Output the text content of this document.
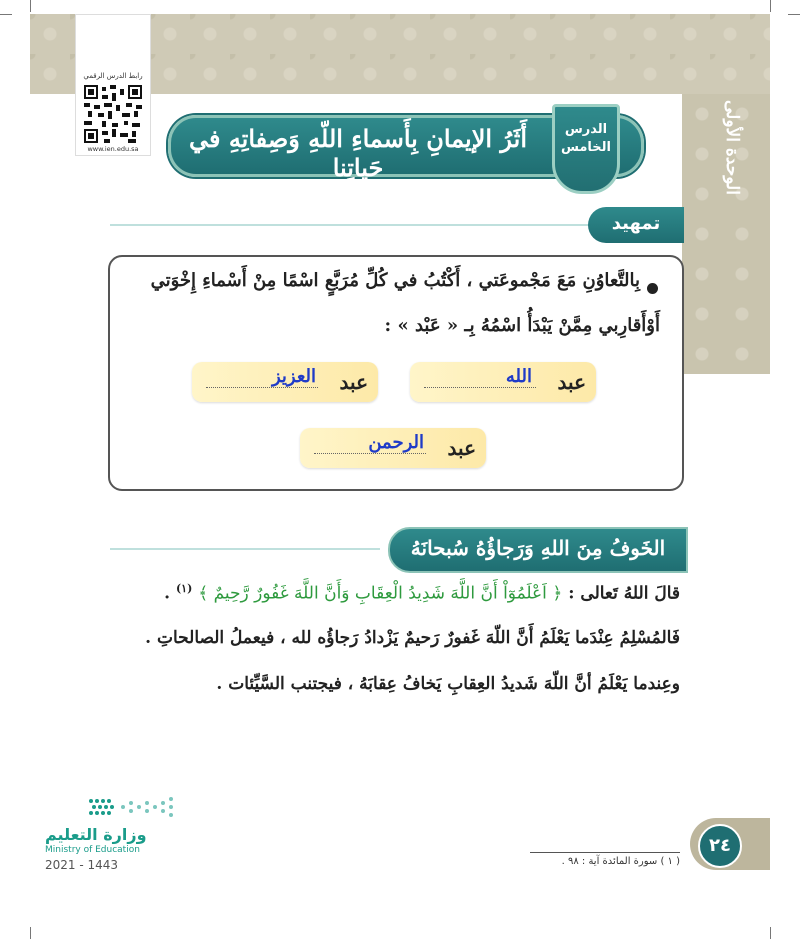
الوحدة الأولى
رابط الدرس الرقمي
www.ien.edu.sa	أَثَرُ الإيمانِ بِأَسماءِ اللّهِ وَصِفاتِهِ في حَياتِنا
الدرس
الخامس
تمهيد
بِالتَّعاوُنِ مَعَ مَجْموعَتي ، أَكْتُبُ في كُلِّ مُرَبَّعٍ اسْمًا مِنْ أَسْماءِ إِخْوَتي
أَوْأَقارِبي مِمَّنْ يَبْدَأُ اسْمُهُ بِـ « عَبْد » :
عبد
الله
عبد
العزيز
عبد
الرحمن
الخَوفُ مِنَ اللهِ وَرَجاؤُهُ سُبحانَهُ
قالَ اللهُ تَعالى : ﴿ اَعْلَمُوٓاْ أَنَّ اللَّهَ شَدِيدُ الْعِقَابِ وَأَنَّ اللَّهَ غَفُورٌ رَّحِيمٌ ﴾ $^{(١)}$ .
فَالمُسْلِمُ عِنْدَما يَعْلَمُ أَنَّ اللّهَ غَفورٌ رَحيمٌ يَزْدادُ رَجاؤُه لله ، فيعملُ الصالحاتِ .
وعِندما يَعْلَمُ أنَّ اللّهَ شَديدُ العِقابِ يَخافُ عِقابَهُ ، فيجتنب السَّيِّئات .
٢٤
( ١ ) سورة المائدة آية : ٩٨ .
وزارة التعليم
Ministry of Education
2021 - 1443
